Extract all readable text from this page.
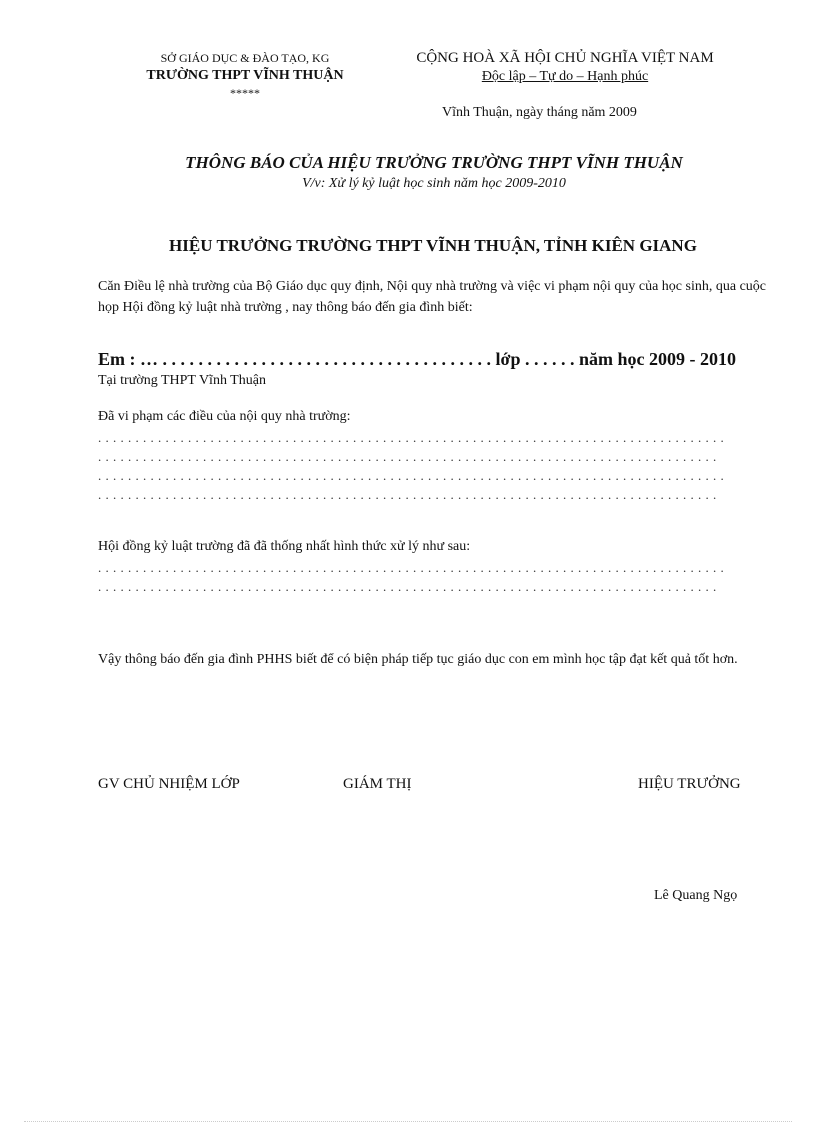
SỞ GIÁO DỤC & ĐÀO TẠO, KG
TRƯỜNG THPT VĨNH THUẬN
*****
CỘNG HOÀ XÃ HỘI CHỦ NGHĨA VIỆT NAM
Độc lập – Tự do – Hạnh phúc
Vĩnh Thuận, ngày tháng năm 2009
THÔNG BÁO CỦA HIỆU TRƯỞNG TRƯỜNG THPT VĨNH THUẬN
V/v: Xử lý kỷ luật học sinh năm học 2009-2010
HIỆU TRƯỞNG TRƯỜNG THPT VĨNH THUẬN, TỈNH KIÊN GIANG
Căn Điều lệ nhà trường của Bộ Giáo dục quy định, Nội quy nhà trường và việc vi phạm nội quy của học sinh, qua cuộc họp Hội đồng kỷ luật nhà trường , nay thông báo đến gia đình biết:
Em : … . . . . . . . . . . . . . . . . . . . . . . . . . . . . . . . . . . . . . lớp . . . . . . năm học 2009 - 2010
Tại trường THPT Vĩnh Thuận
Đã vi phạm các điều của nội quy nhà trường:
. . . . . . . . . . . . . . . . . . . . . . . . . . . . . . . . . . . . . . . . . . . . . . . . . . . . . . . . . . . . . . . . . . . . . . . . . . . . . . . . . . . .
. . . . . . . . . . . . . . . . . . . . . . . . . . . . . . . . . . . . . . . . . . . . . . . . . . . . . . . . . . . . . . . . . . . . . . . . . . . . . . . . . . .
. . . . . . . . . . . . . . . . . . . . . . . . . . . . . . . . . . . . . . . . . . . . . . . . . . . . . . . . . . . . . . . . . . . . . . . . . . . . . . . . . . . .
. . . . . . . . . . . . . . . . . . . . . . . . . . . . . . . . . . . . . . . . . . . . . . . . . . . . . . . . . . . . . . . . . . . . . . . . . . . . . . . . . . .
Hội đồng kỷ luật trường đã đã thống nhất hình thức xử lý như sau:
. . . . . . . . . . . . . . . . . . . . . . . . . . . . . . . . . . . . . . . . . . . . . . . . . . . . . . . . . . . . . . . . . . . . . . . . . . . . . . . . . . . .
. . . . . . . . . . . . . . . . . . . . . . . . . . . . . . . . . . . . . . . . . . . . . . . . . . . . . . . . . . . . . . . . . . . . . . . . . . . . . . . . . . .
Vậy thông báo đến gia đình PHHS biết để có biện pháp tiếp tục giáo dục con em mình học tập đạt kết quả tốt hơn.
GV CHỦ NHIỆM LỚP	GIÁM THỊ	HIỆU TRƯỞNG
Lê Quang Ngọ
